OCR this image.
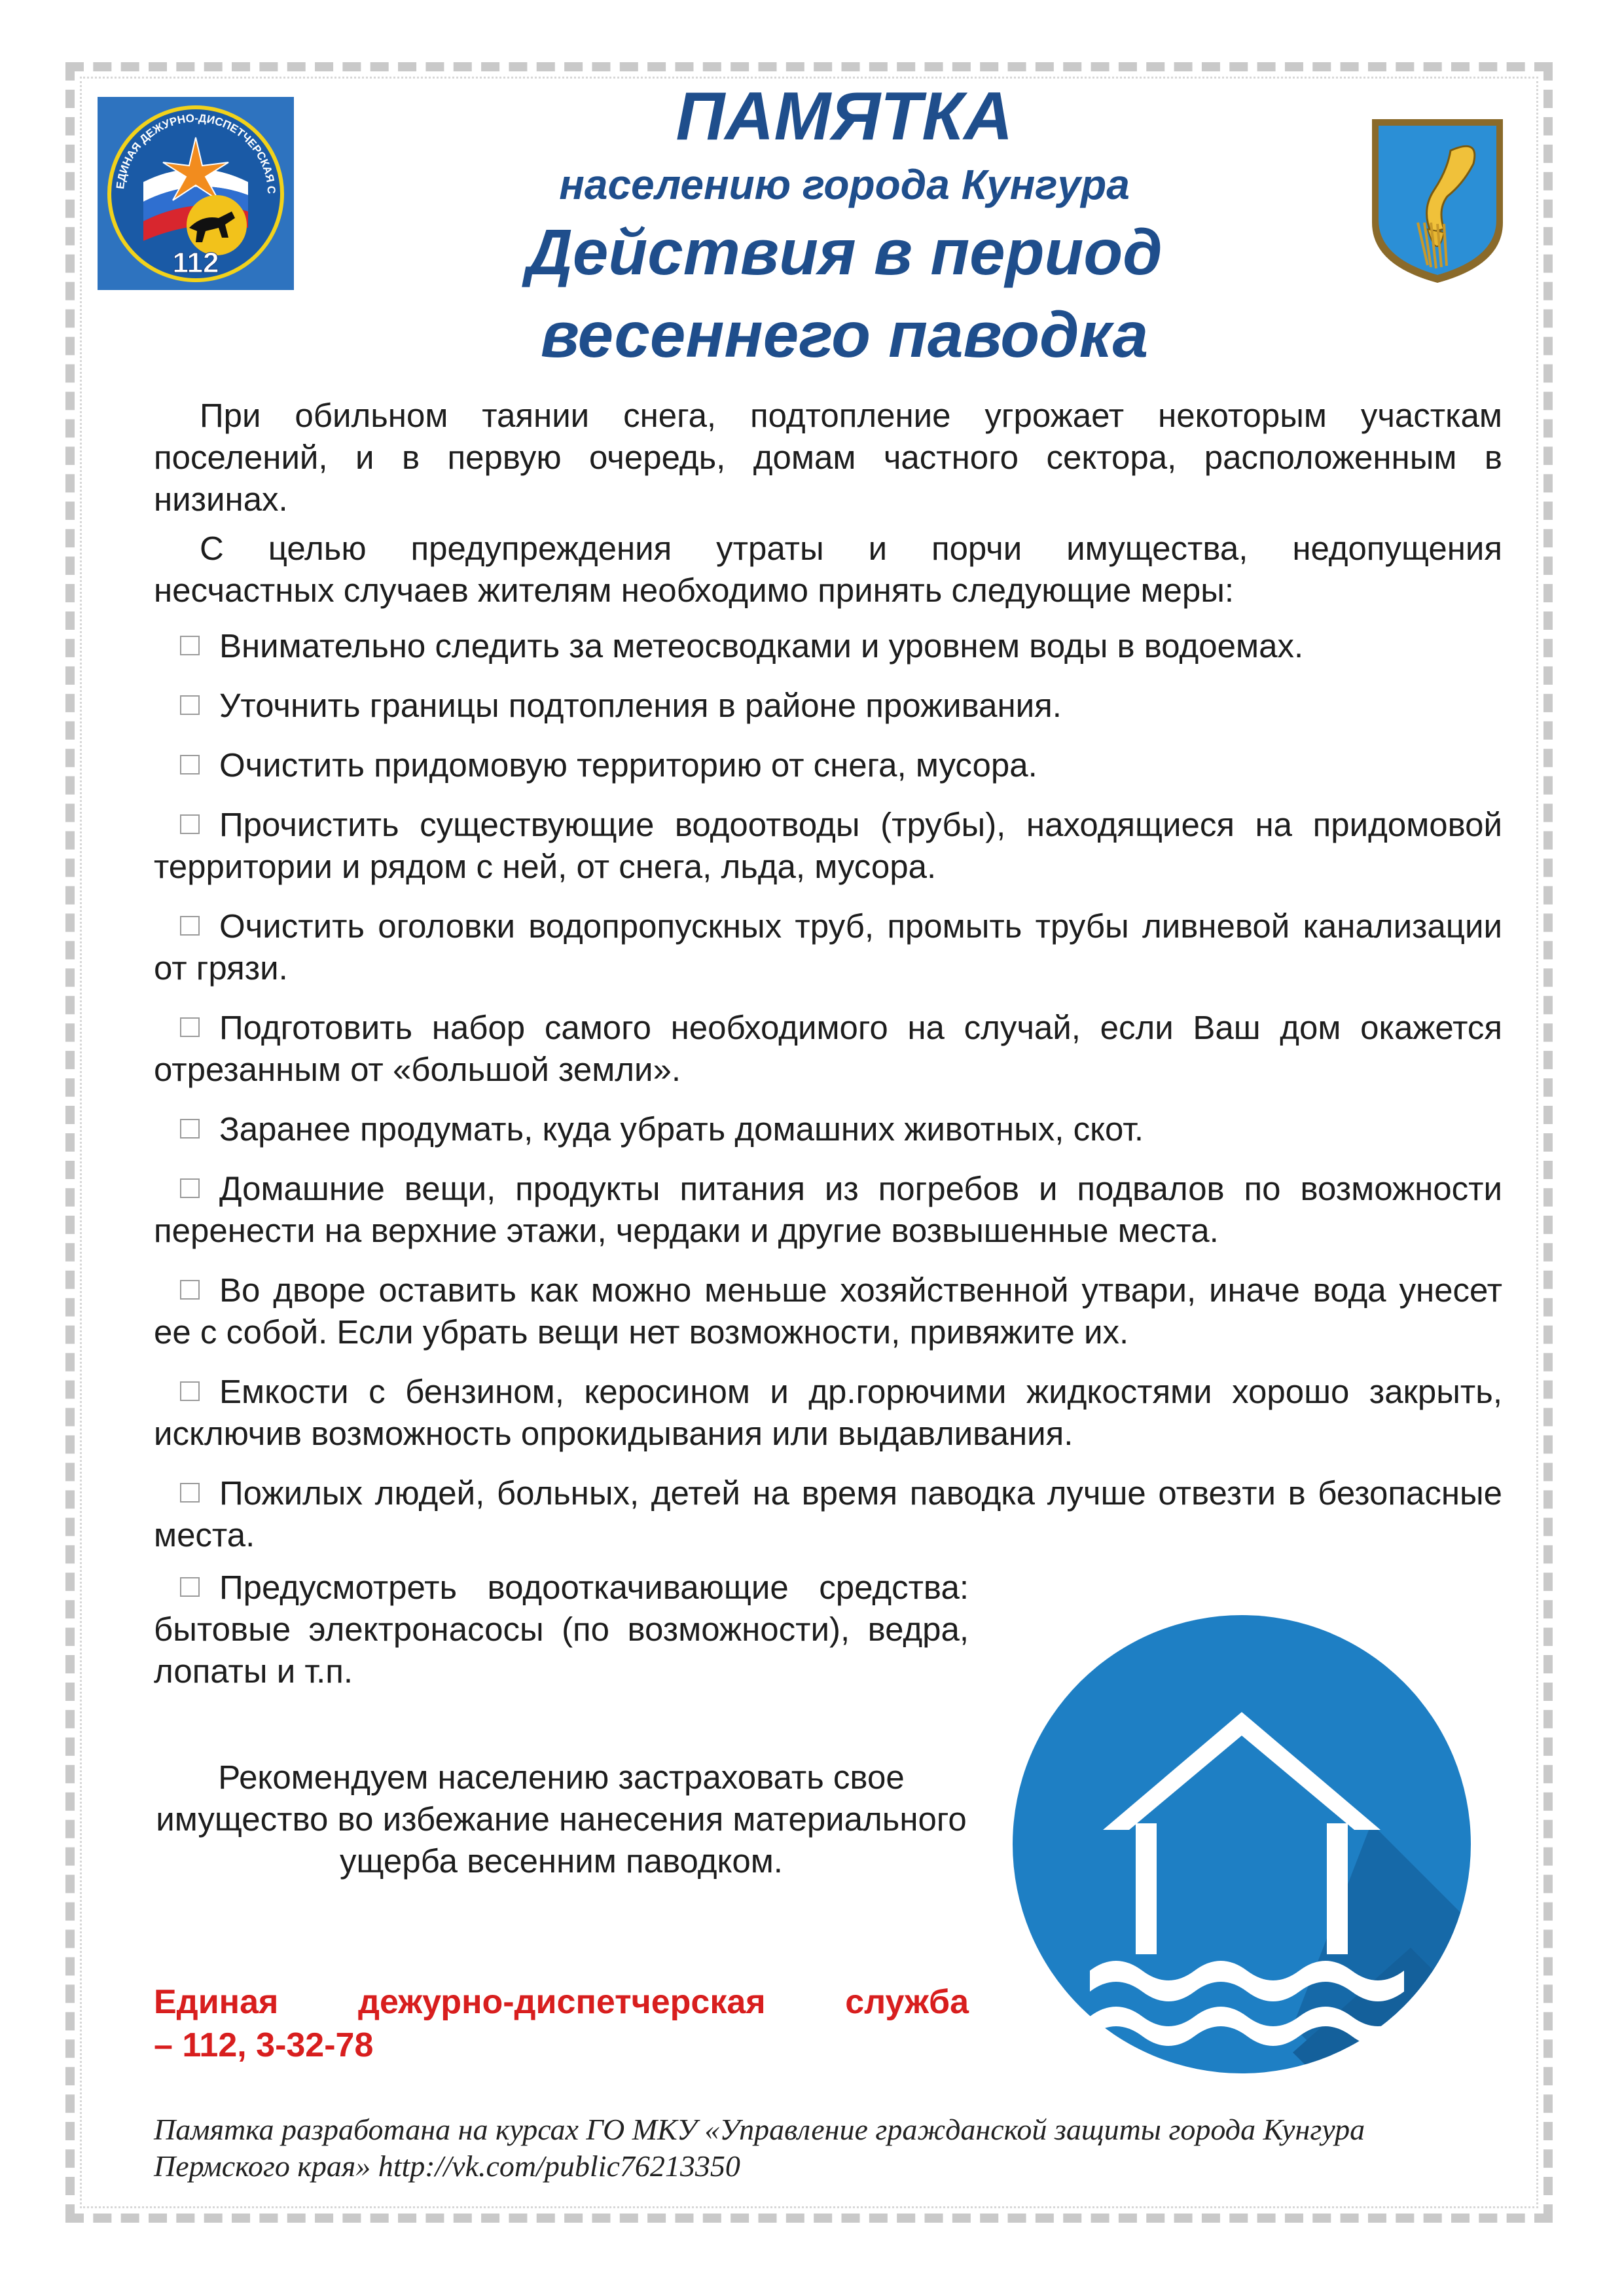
ЕДИНАЯ ДЕЖУРНО-ДИСПЕТЧЕРСКАЯ С
112
ПАМЯТКА
населению города Кунгура
Действия в период
весеннего паводка
При обильном таянии снега, подтопление угрожает некоторым участкам
поселений, и в первую очередь, домам частного сектора, расположенным в
низинах.
С целью предупреждения утраты и порчи имущества, недопущения
несчастных случаев жителям необходимо принять следующие меры:
Внимательно следить за метеосводками и уровнем воды в водоемах.
Уточнить границы подтопления в районе проживания.
Очистить придомовую территорию от снега, мусора.
Прочистить существующие водоотводы (трубы), находящиеся на придомовой территории и рядом с ней, от снега, льда, мусора.
Очистить оголовки водопропускных труб, промыть трубы ливневой канализации от грязи.
Подготовить набор самого необходимого на случай, если Ваш дом окажется отрезанным от «большой земли».
Заранее продумать, куда убрать домашних животных, скот.
Домашние вещи, продукты питания из погребов и подвалов по возможности перенести на верхние этажи, чердаки и другие возвышенные места.
Во дворе оставить как можно меньше хозяйственной утвари, иначе вода унесет ее с собой. Если убрать вещи нет возможности, привяжите их.
Емкости с бензином, керосином и др.горючими жидкостями хорошо закрыть, исключив возможность опрокидывания или выдавливания.
Пожилых людей, больных, детей на время паводка лучше отвезти в безопасные места.
Предусмотреть водооткачивающие средства: бытовые электронасосы (по возможности), ведра, лопаты и т.п.
Рекомендуем населению застраховать свое имущество во избежание нанесения материального ущерба весенним паводком.
Единая дежурно-диспетчерская служба
– 112, 3-32-78
Памятка разработана на курсах ГО МКУ «Управление гражданской защиты города Кунгура Пермского края» http://vk.com/public76213350
